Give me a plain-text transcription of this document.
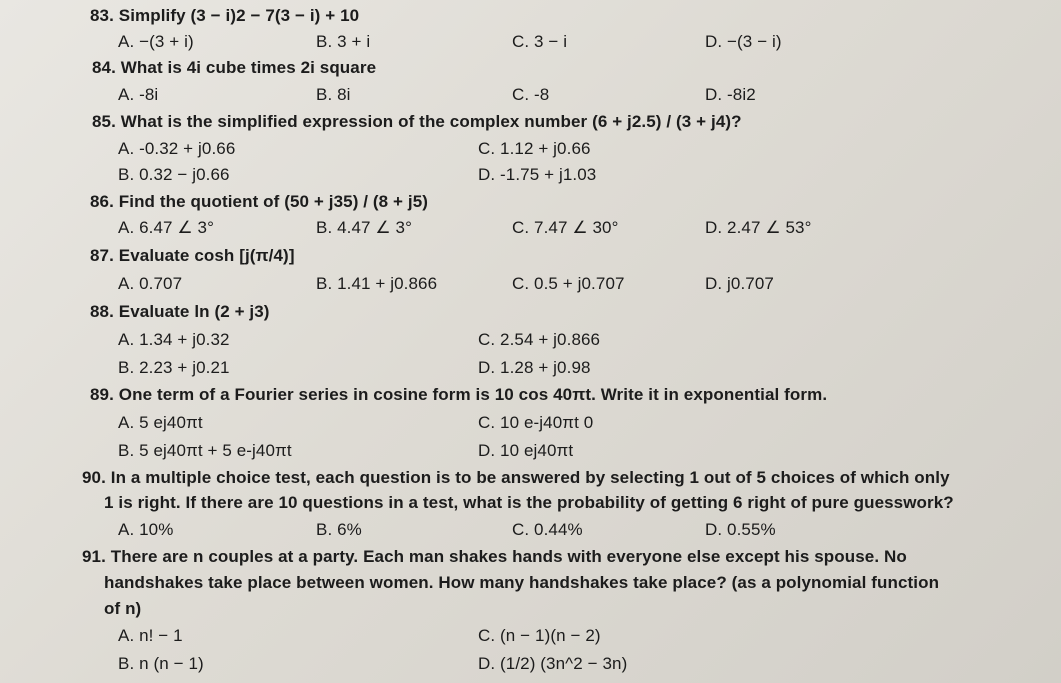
83. Simplify (3 − i)2 − 7(3 − i) + 10
A. −(3 + i)	B. 3 + i	C. 3 − i	D. −(3 − i)
84. What is 4i cube times 2i square
A. -8i	B. 8i	C. -8	D. -8i2
85. What is the simplified expression of the complex number (6 + j2.5) / (3 + j4)?
A. -0.32 + j0.66	C. 1.12 + j0.66
B. 0.32 − j0.66	D. -1.75 + j1.03
86. Find the quotient of (50 + j35) / (8 + j5)
A. 6.47 ∠ 3°	B. 4.47 ∠ 3°	C. 7.47 ∠ 30°	D. 2.47 ∠ 53°
87. Evaluate cosh [j(π/4)]
A. 0.707	B. 1.41 + j0.866	C. 0.5 + j0.707	D. j0.707
88. Evaluate ln (2 + j3)
A. 1.34 + j0.32	C. 2.54 + j0.866
B. 2.23 + j0.21	D. 1.28 + j0.98
89. One term of a Fourier series in cosine form is 10 cos 40πt. Write it in exponential form.
A. 5 ej40πt	C. 10 e-j40πt 0
B. 5 ej40πt + 5 e-j40πt	D. 10 ej40πt
90. In a multiple choice test, each question is to be answered by selecting 1 out of 5 choices of which only
1 is right. If there are 10 questions in a test, what is the probability of getting 6 right of pure guesswork?
A. 10%	B. 6%	C. 0.44%	D. 0.55%
91. There are n couples at a party. Each man shakes hands with everyone else except his spouse. No
handshakes take place between women. How many handshakes take place? (as a polynomial function
of n)
A. n! − 1	C. (n − 1)(n − 2)
B. n (n − 1)	D. (1/2) (3n^2 − 3n)
